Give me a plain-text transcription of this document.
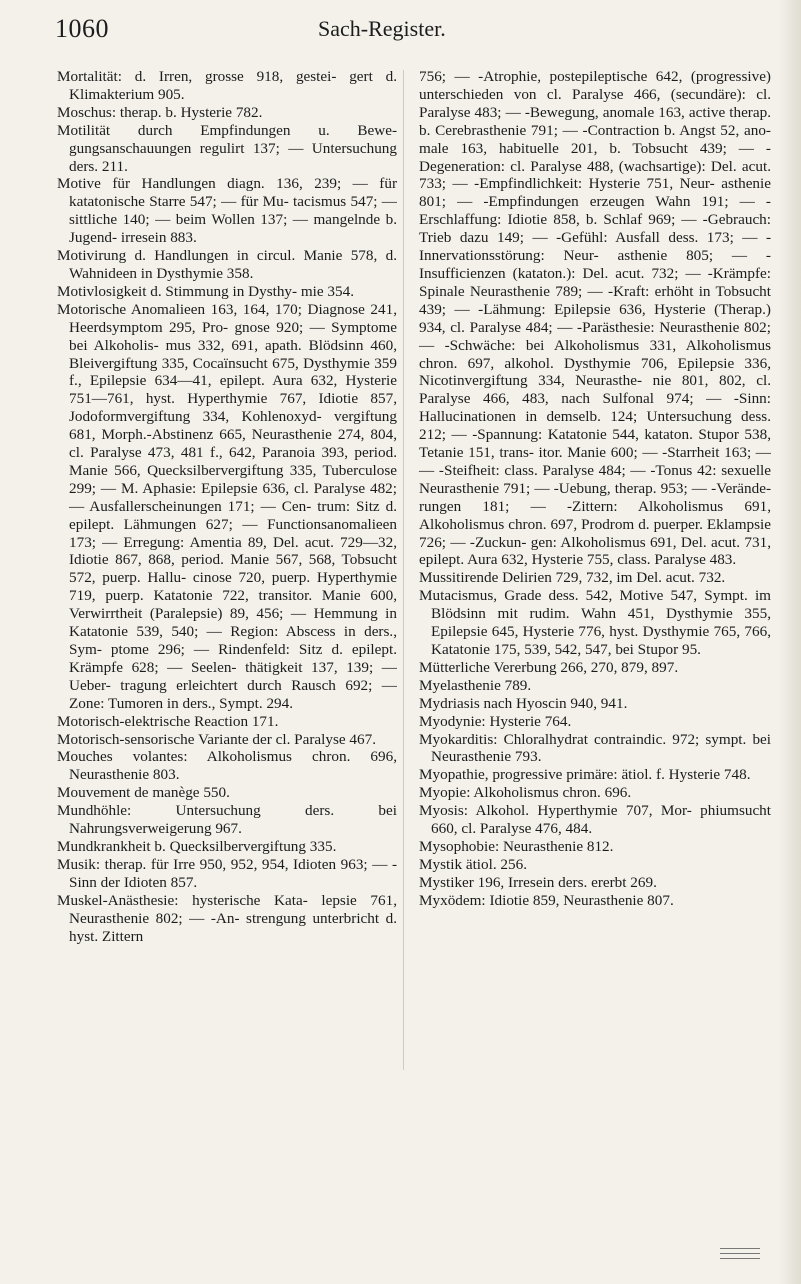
1060	Sach-Register.

Mortalität: d. Irren, grosse 918, gestei- gert d. Klimakterium 905.

Moschus: therap. b. Hysterie 782.

Motilität durch Empfindungen u. Bewe- gungsanschauungen regulirt 137; — Untersuchung ders. 211.

Motive für Handlungen diagn. 136, 239; — für katatonische Starre 547; — für Mu- tacismus 547; — sittliche 140; — beim Wollen 137; — mangelnde b. Jugend- irresein 883.

Motivirung d. Handlungen in circul. Manie 578, d. Wahnideen in Dysthymie 358.

Motivlosigkeit d. Stimmung in Dysthy- mie 354.

Motorische Anomalieen 163, 164, 170; Diagnose 241, Heerdsymptom 295, Pro- gnose 920; — Symptome bei Alkoholis- mus 332, 691, apath. Blödsinn 460, Bleivergiftung 335, Cocaïnsucht 675, Dysthymie 359 f., Epilepsie 634—41, epilept. Aura 632, Hysterie 751—761, hyst. Hyperthymie 767, Idiotie 857, Jodoformvergiftung 334, Kohlenoxyd- vergiftung 681, Morph.-Abstinenz 665, Neurasthenie 274, 804, cl. Paralyse 473, 481 f., 642, Paranoia 393, period. Manie 566, Quecksilbervergiftung 335, Tuberculose 299; — M. Aphasie: Epilepsie 636, cl. Paralyse 482; — Ausfallerscheinungen 171; — Cen- trum: Sitz d. epilept. Lähmungen 627; — Functionsanomalieen 173; — Erregung: Amentia 89, Del. acut. 729—32, Idiotie 867, 868, period. Manie 567, 568, Tobsucht 572, puerp. Hallu- cinose 720, puerp. Hyperthymie 719, puerp. Katatonie 722, transitor. Manie 600, Verwirrtheit (Paralepsie) 89, 456; — Hemmung in Katatonie 539, 540; — Region: Abscess in ders., Sym- ptome 296; — Rindenfeld: Sitz d. epilept. Krämpfe 628; — Seelen- thätigkeit 137, 139; — Ueber- tragung erleichtert durch Rausch 692; — Zone: Tumoren in ders., Sympt. 294.

Motorisch-elektrische Reaction 171.

Motorisch-sensorische Variante der cl. Paralyse 467.

Mouches volantes: Alkoholismus chron. 696, Neurasthenie 803.

Mouvement de manège 550.

Mundhöhle: Untersuchung ders. bei Nahrungsverweigerung 967.

Mundkrankheit b. Quecksilbervergiftung 335.

Musik: therap. für Irre 950, 952, 954, Idioten 963; — -Sinn der Idioten 857.

Muskel-Anästhesie: hysterische Kata- lepsie 761, Neurasthenie 802; — -An- strengung unterbricht d. hyst. Zittern

756; — -Atrophie, postepileptische 642, (progressive) unterschieden von cl. Paralyse 466, (secundäre): cl. Paralyse 483; — -Bewegung, anomale 163, active therap. b. Cerebrasthenie 791; — -Contraction b. Angst 52, ano- male 163, habituelle 201, b. Tobsucht 439; — -Degeneration: cl. Paralyse 488, (wachsartige): Del. acut. 733; — -Empfindlichkeit: Hysterie 751, Neur- asthenie 801; — -Empfindungen erzeugen Wahn 191; — -Erschlaffung: Idiotie 858, b. Schlaf 969; — -Gebrauch: Trieb dazu 149; — -Gefühl: Ausfall dess. 173; — -Innervationsstörung: Neur- asthenie 805; — -Insufficienzen (kataton.): Del. acut. 732; — -Krämpfe: Spinale Neurasthenie 789; — -Kraft: erhöht in Tobsucht 439; — -Lähmung: Epilepsie 636, Hysterie (Therap.) 934, cl. Paralyse 484; — -Parästhesie: Neurasthenie 802; — -Schwäche: bei Alkoholismus 331, Alkoholismus chron. 697, alkohol. Dysthymie 706, Epilepsie 336, Nicotinvergiftung 334, Neurasthe- nie 801, 802, cl. Paralyse 466, 483, nach Sulfonal 974; — -Sinn: Hallucinationen in demselb. 124; Untersuchung dess. 212; — -Spannung: Katatonie 544, kataton. Stupor 538, Tetanie 151, trans- itor. Manie 600; — -Starrheit 163; — — -Steifheit: class. Paralyse 484; — -Tonus 42: sexuelle Neurasthenie 791; — -Uebung, therap. 953; — -Verände- rungen 181; — -Zittern: Alkoholismus 691, Alkoholismus chron. 697, Prodrom d. puerper. Eklampsie 726; — -Zuckun- gen: Alkoholismus 691, Del. acut. 731, epilept. Aura 632, Hysterie 755, class. Paralyse 483.

Mussitirende Delirien 729, 732, im Del. acut. 732.

Mutacismus, Grade dess. 542, Motive 547, Sympt. im Blödsinn mit rudim. Wahn 451, Dysthymie 355, Epilepsie 645, Hysterie 776, hyst. Dysthymie 765, 766, Katatonie 175, 539, 542, 547, bei Stupor 95.

Mütterliche Vererbung 266, 270, 879, 897.

Myelasthenie 789.

Mydriasis nach Hyoscin 940, 941.

Myodynie: Hysterie 764.

Myokarditis: Chloralhydrat contraindic. 972; sympt. bei Neurasthenie 793.

Myopathie, progressive primäre: ätiol. f. Hysterie 748.

Myopie: Alkoholismus chron. 696.

Myosis: Alkohol. Hyperthymie 707, Mor- phiumsucht 660, cl. Paralyse 476, 484.

Mysophobie: Neurasthenie 812.

Mystik ätiol. 256.

Mystiker 196, Irresein ders. ererbt 269.

Myxödem: Idiotie 859, Neurasthenie 807.
